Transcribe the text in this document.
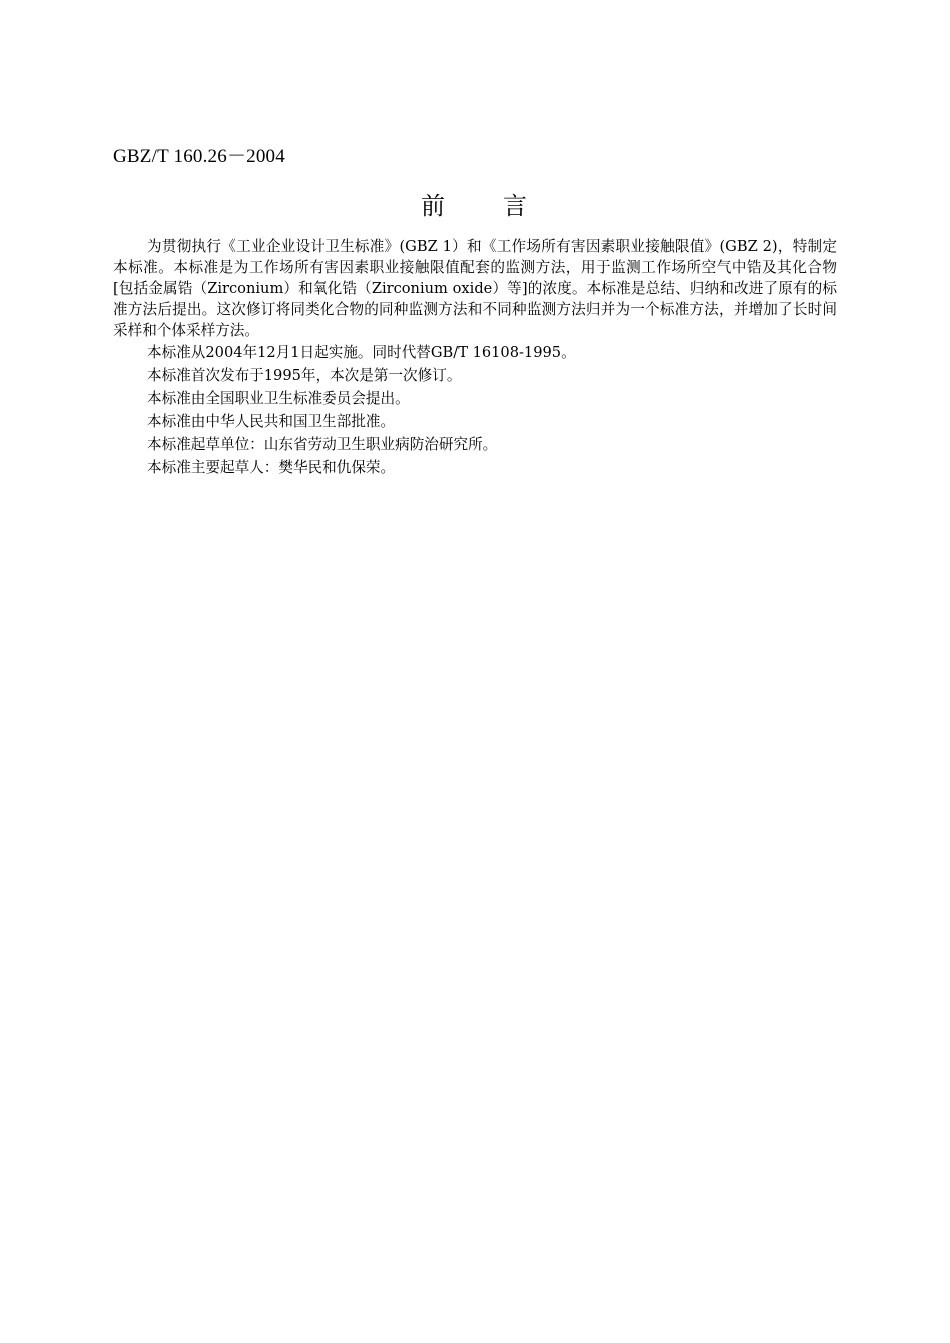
GBZ/T 160.26－2004
前 言

为贯彻执行《工业企业设计卫生标准》(GBZ 1）和《工作场所有害因素职业接触限值》(GBZ 2)，特制定本标准。本标准是为工作场所有害因素职业接触限值配套的监测方法，用于监测工作场所空气中锆及其化合物 [包括金属锆（Zirconium）和氧化锆（Zirconium oxide）等]的浓度。本标准是总结、归纳和改进了原有的标准方法后提出。这次修订将同类化合物的同种监测方法和不同种监测方法归并为一个标准方法，并增加了长时间采样和个体采样方法。

本标准从2004年12月1日起实施。同时代替GB/T 16108-1995。

本标准首次发布于1995年，本次是第一次修订。

本标准由全国职业卫生标准委员会提出。

本标准由中华人民共和国卫生部批准。

本标准起草单位：山东省劳动卫生职业病防治研究所。

本标准主要起草人：樊华民和仇保荣。
